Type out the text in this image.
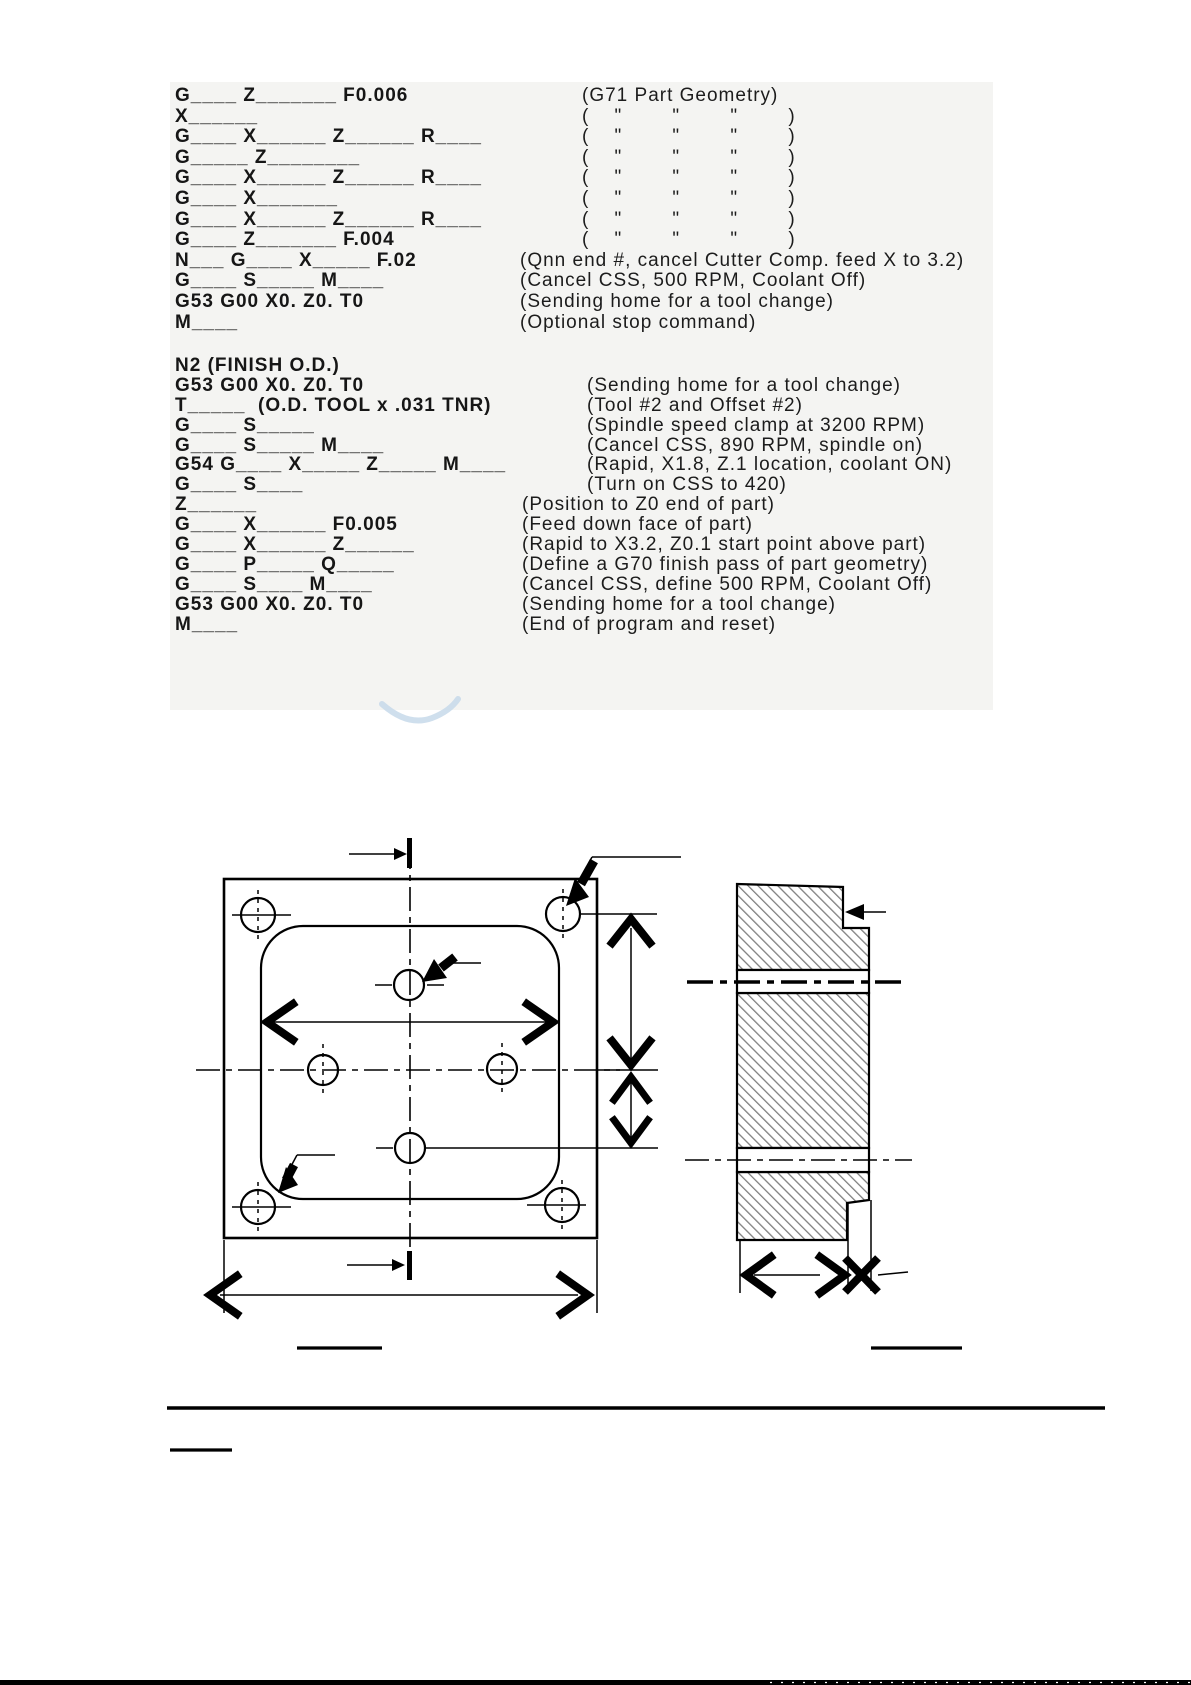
G____ Z_______ F0.006	(G71 Part Geometry)
X______	(    "        "        "        )
G____ X______ Z______ R____	(    "        "        "        )
G_____ Z________	(    "        "        "        )
G____ X______ Z______ R____	(    "        "        "        )
G____ X_______	(    "        "        "        )
G____ X______ Z______ R____	(    "        "        "        )
G____ Z_______ F.004	(    "        "        "        )
N___ G____ X_____ F.02	(Qnn end #, cancel Cutter Comp. feed X to 3.2)
G____ S_____ M____	(Cancel CSS, 500 RPM, Coolant Off)
G53 G00 X0. Z0. T0	(Sending home for a tool change)
M____	(Optional stop command)

N2 (FINISH O.D.)

G53 G00 X0. Z0. T0	(Sending home for a tool change)
T_____  (O.D. TOOL x .031 TNR)	(Tool #2 and Offset #2)
G____ S_____	(Spindle speed clamp at 3200 RPM)
G____ S_____ M____	(Cancel CSS, 890 RPM, spindle on)
G54 G____ X_____ Z_____ M____	(Rapid, X1.8, Z.1 location, coolant ON)
G____ S____	(Turn on CSS to 420)
Z______	(Position to Z0 end of part)
G____ X______ F0.005	(Feed down face of part)
G____ X______ Z______	(Rapid to X3.2, Z0.1 start point above part)
G____ P_____ Q_____	(Define a G70 finish pass of part geometry)
G____ S____ M____	(Cancel CSS, define 500 RPM, Coolant Off)
G53 G00 X0. Z0. T0	(Sending home for a tool change)
M____	(End of program and reset)
